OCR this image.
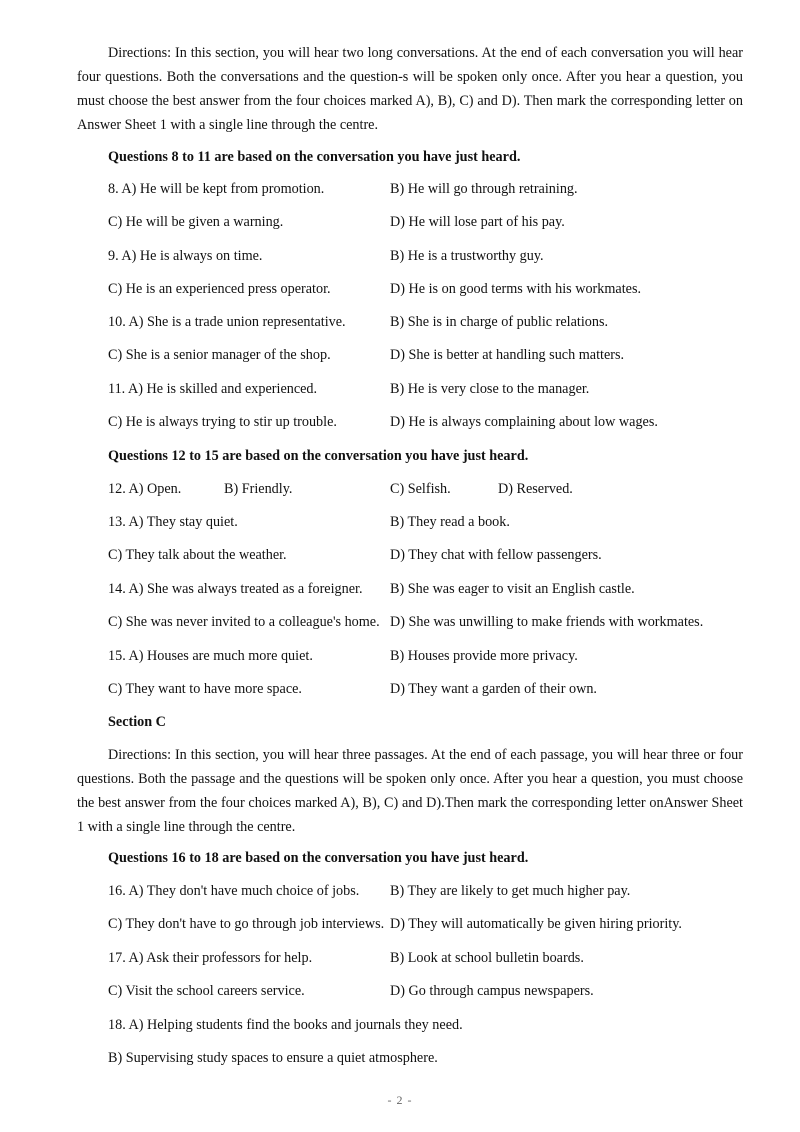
Directions: In this section, you will hear two long conversations. At the end of each conversation you will hear four questions. Both the conversations and the question-s will be spoken only once. After you hear a question, you must choose the best answer from the four choices marked A), B), C) and D). Then mark the corresponding letter on Answer Sheet 1 with a single line through the centre.

Questions 8 to 11 are based on the conversation you have just heard.

8. A) He will be kept from promotion.	B) He will go through retraining.
C) He will be given a warning.	D) He will lose part of his pay.
9. A) He is always on time.	B) He is a trustworthy guy.
C) He is an experienced press operator.	D) He is on good terms with his workmates.
10. A) She is a trade union representative.	B) She is in charge of public relations.
C) She is a senior manager of the shop.	D) She is better at handling such matters.
11. A) He is skilled and experienced.	B) He is very close to the manager.
C) He is always trying to stir up trouble.	D) He is always complaining about low wages.

Questions 12 to 15 are based on the conversation you have just heard.

12. A) Open.	B) Friendly.	C) Selfish.	D) Reserved.
13. A) They stay quiet.	B) They read a book.
C) They talk about the weather.	D) They chat with fellow passengers.
14. A) She was always treated as a foreigner. B) She was eager to visit an English castle.
C) She was never invited to a colleague's home. D) She was unwilling to make friends with workmates.
15. A) Houses are much more quiet.	B) Houses provide more privacy.
C) They want to have more space.	D) They want a garden of their own.

Section C

Directions: In this section, you will hear three passages. At the end of each passage, you will hear three or four questions. Both the passage and the questions will be spoken only once. After you hear a question, you must choose the best answer from the four choices marked A), B), C) and D).Then mark the corresponding letter onAnswer Sheet 1 with a single line through the centre.

Questions 16 to 18 are based on the conversation you have just heard.

16. A) They don't have much choice of jobs. B) They are likely to get much higher pay.
C) They don't have to go through job interviews. D) They will automatically be given hiring priority.
17. A) Ask their professors for help.	B) Look at school bulletin boards.
C) Visit the school careers service.	D) Go through campus newspapers.
18. A) Helping students find the books and journals they need.
B) Supervising study spaces to ensure a quiet atmosphere.
- 2 -
